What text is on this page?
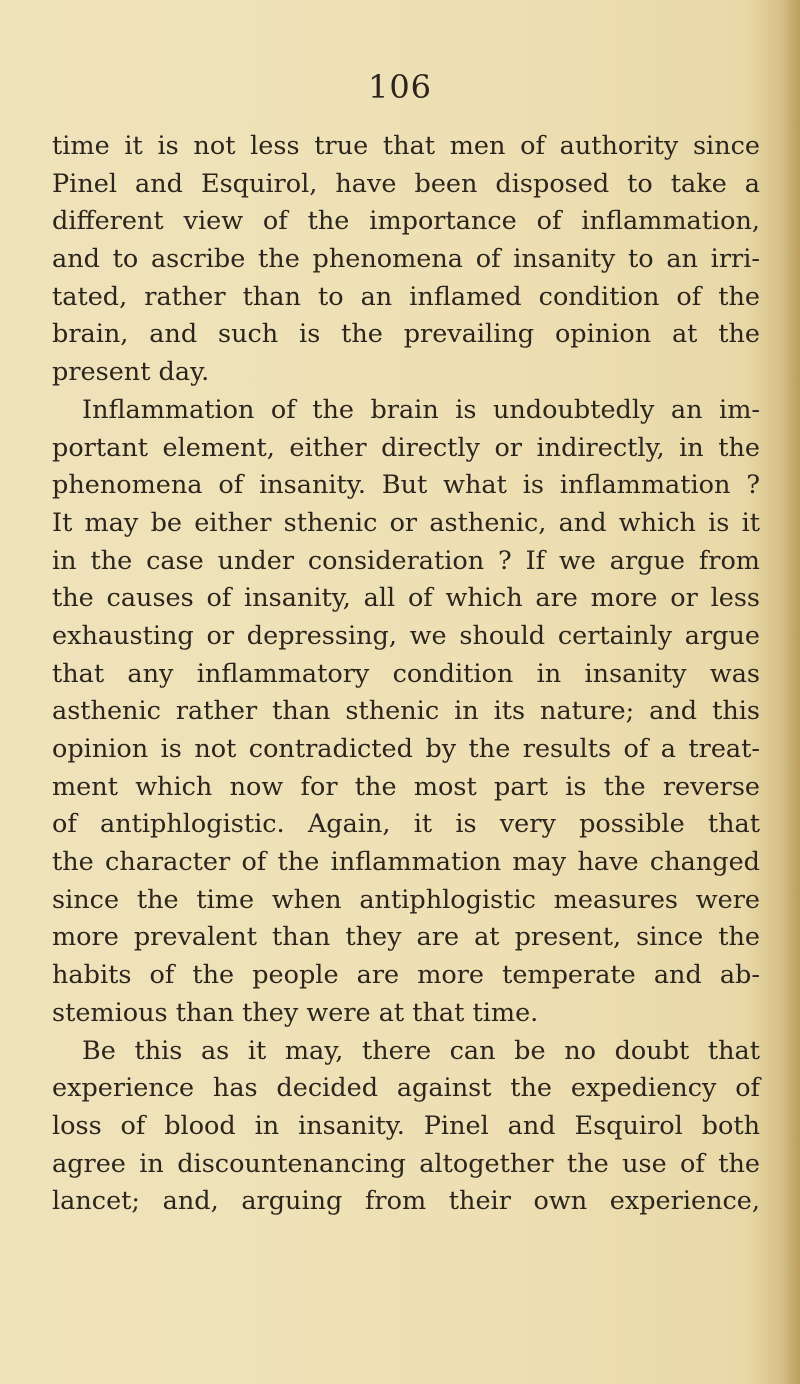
106
time it is not less true that men of authority since
Pinel and Esquirol, have been disposed to take a
different view of the importance of inflammation,
and to ascribe the phenomena of insanity to an irri-
tated, rather than to an inflamed condition of the
brain, and such is the prevailing opinion at the
present day.
Inflammation of the brain is undoubtedly an im-
portant element, either directly or indirectly, in the
phenomena of insanity. But what is inflammation ?
It may be either sthenic or asthenic, and which is it
in the case under consideration ? If we argue from
the causes of insanity, all of which are more or less
exhausting or depressing, we should certainly argue
that any inflammatory condition in insanity was
asthenic rather than sthenic in its nature; and this
opinion is not contradicted by the results of a treat-
ment which now for the most part is the reverse
of antiphlogistic. Again, it is very possible that
the character of the inflammation may have changed
since the time when antiphlogistic measures were
more prevalent than they are at present, since the
habits of the people are more temperate and ab-
stemious than they were at that time.
Be this as it may, there can be no doubt that
experience has decided against the expediency of
loss of blood in insanity. Pinel and Esquirol both
agree in discountenancing altogether the use of the
lancet; and, arguing from their own experience,
